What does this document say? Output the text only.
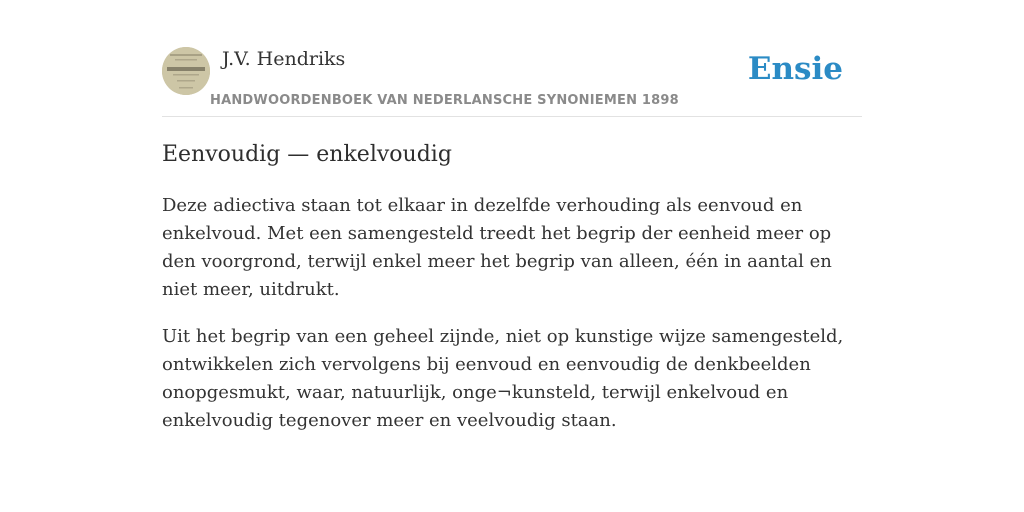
J.V. Hendriks
HANDWOORDENBOEK VAN NEDERLANSCHE SYNONIEMEN 1898
Ensie
Eenvoudig — enkelvoudig

Deze adiectiva staan tot elkaar in dezelfde verhouding als eenvoud en enkelvoud. Met een samengesteld treedt het begrip der eenheid meer op den voorgrond, terwijl enkel meer het begrip van alleen, één in aantal en niet meer, uitdrukt.

Uit het begrip van een geheel zijnde, niet op kunstige wijze samengesteld, ontwikkelen zich vervolgens bij eenvoud en eenvoudig de denkbeelden onopgesmukt, waar, natuurlijk, onge¬kunsteld, terwijl enkelvoud en enkelvoudig tegenover meer en veelvoudig staan.
